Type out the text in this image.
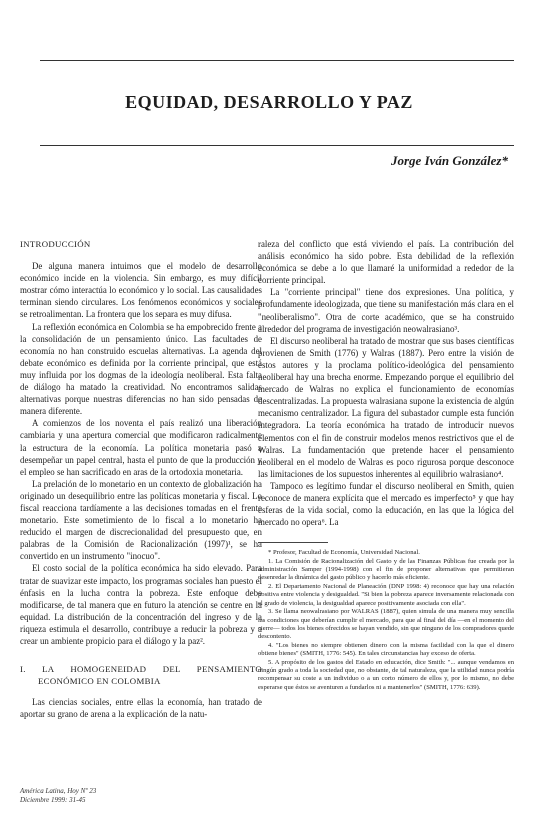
EQUIDAD, DESARROLLO Y PAZ
Jorge Iván González*
INTRODUCCIÓN

De alguna manera intuimos que el modelo de desarrollo económico incide en la violencia. Sin embargo, es muy difícil mostrar cómo interactúa lo económico y lo social. Las causalidades terminan siendo circulares. Los fenómenos económicos y sociales se retroalimentan. La frontera que los separa es muy difusa.

La reflexión económica en Colombia se ha empobrecido frente a la consolidación de un pensamiento único. Las facultades de economía no han construido escuelas alternativas. La agenda del debate económico es definida por la corriente principal, que está muy influida por los dogmas de la ideología neoliberal. Esta falta de diálogo ha matado la creatividad. No encontramos salidas alternativas porque nuestras diferencias no han sido pensadas de manera diferente.

A comienzos de los noventa el país realizó una liberación cambiaria y una apertura comercial que modificaron radicalmente la estructura de la economía. La política monetaria pasó a desempeñar un papel central, hasta el punto de que la producción y el empleo se han sacrificado en aras de la ortodoxia monetaria.

La prelación de lo monetario en un contexto de globalización ha originado un desequilibrio entre las políticas monetaria y fiscal. Lo fiscal reacciona tardíamente a las decisiones tomadas en el frente monetario. Este sometimiento de lo fiscal a lo monetario ha reducido el margen de discrecionalidad del presupuesto que, en palabras de la Comisión de Racionalización (1997)¹, se ha convertido en un instrumento "inocuo".

El costo social de la política económica ha sido elevado. Para tratar de suavizar este impacto, los programas sociales han puesto el énfasis en la lucha contra la pobreza. Este enfoque debe modificarse, de tal manera que en futuro la atención se centre en la equidad. La distribución de la concentración del ingreso y de la riqueza estimula el desarrollo, contribuye a reducir la pobreza y a crear un ambiente propicio para el diálogo y la paz².

I. LA HOMOGENEIDAD DEL PENSAMIENTO ECONÓMICO EN COLOMBIA

Las ciencias sociales, entre ellas la economía, han tratado de aportar su grano de arena a la explicación de la natu-

raleza del conflicto que está viviendo el país. La contribución del análisis económico ha sido pobre. Esta debilidad de la reflexión económica se debe a lo que llamaré la uniformidad a rededor de la corriente principal.

La "corriente principal" tiene dos expresiones. Una política, y profundamente ideologizada, que tiene su manifestación más clara en el "neoliberalismo". Otra de corte académico, que se ha construido alrededor del programa de investigación neowalrasiano³.

El discurso neoliberal ha tratado de mostrar que sus bases científicas provienen de Smith (1776) y Walras (1887). Pero entre la visión de estos autores y la proclama político-ideológica del pensamiento neoliberal hay una brecha enorme. Empezando porque el equilibrio del mercado de Walras no explica el funcionamiento de economías descentralizadas. La propuesta walrasiana supone la existencia de algún mecanismo centralizador. La figura del subastador cumple esta función integradora. La teoría económica ha tratado de introducir nuevos elementos con el fin de construir modelos menos restrictivos que el de Walras. La fundamentación que pretende hacer el pensamiento neoliberal en el modelo de Walras es poco rigurosa porque desconoce las limitaciones de los supuestos inherentes al equilibrio walrasiano⁴.

Tampoco es legítimo fundar el discurso neoliberal en Smith, quien reconoce de manera explícita que el mercado es imperfecto⁵ y que hay esferas de la vida social, como la educación, en las que la lógica del mercado no opera⁶. La

* Profesor, Facultad de Economía, Universidad Nacional.

1. La Comisión de Racionalización del Gasto y de las Finanzas Públicas fue creada por la administración Samper (1994-1998) con el fin de proponer alternativas que permitieran desenredar la dinámica del gasto público y hacerlo más eficiente.

2. El Departamento Nacional de Planeación (DNP 1998: 4) reconoce que hay una relación positiva entre violencia y desigualdad. "Si bien la pobreza aparece inversamente relacionada con el grado de violencia, la desigualdad aparece positivamente asociada con ella".

3. Se llama neowalrasiano por WALRAS (1887), quien simula de una manera muy sencilla las condiciones que deberían cumplir el mercado, para que al final del día —en el momento del cierre— todos los bienes ofrecidos se hayan vendido, sin que ninguno de los compradores quede descontento.

4. "Los bienes no siempre obtienen dinero con la misma facilidad con la que el dinero obtiene bienes" (SMITH, 1776: 545). En tales circunstancias hay exceso de oferta.

5. A propósito de los gastos del Estado en educación, dice Smith: "... aunque vendamos en ningún grado a toda la sociedad que, no obstante, de tal naturaleza, que la utilidad nunca podría recompensar su coste a un individuo o a un corto número de ellos y, por lo mismo, no debe esperarse que éstos se aventuren a fundarlos ni a mantenerlos" (SMITH, 1776: 639).

América Latina, Hoy Nº 23
Diciembre 1999: 31-45
